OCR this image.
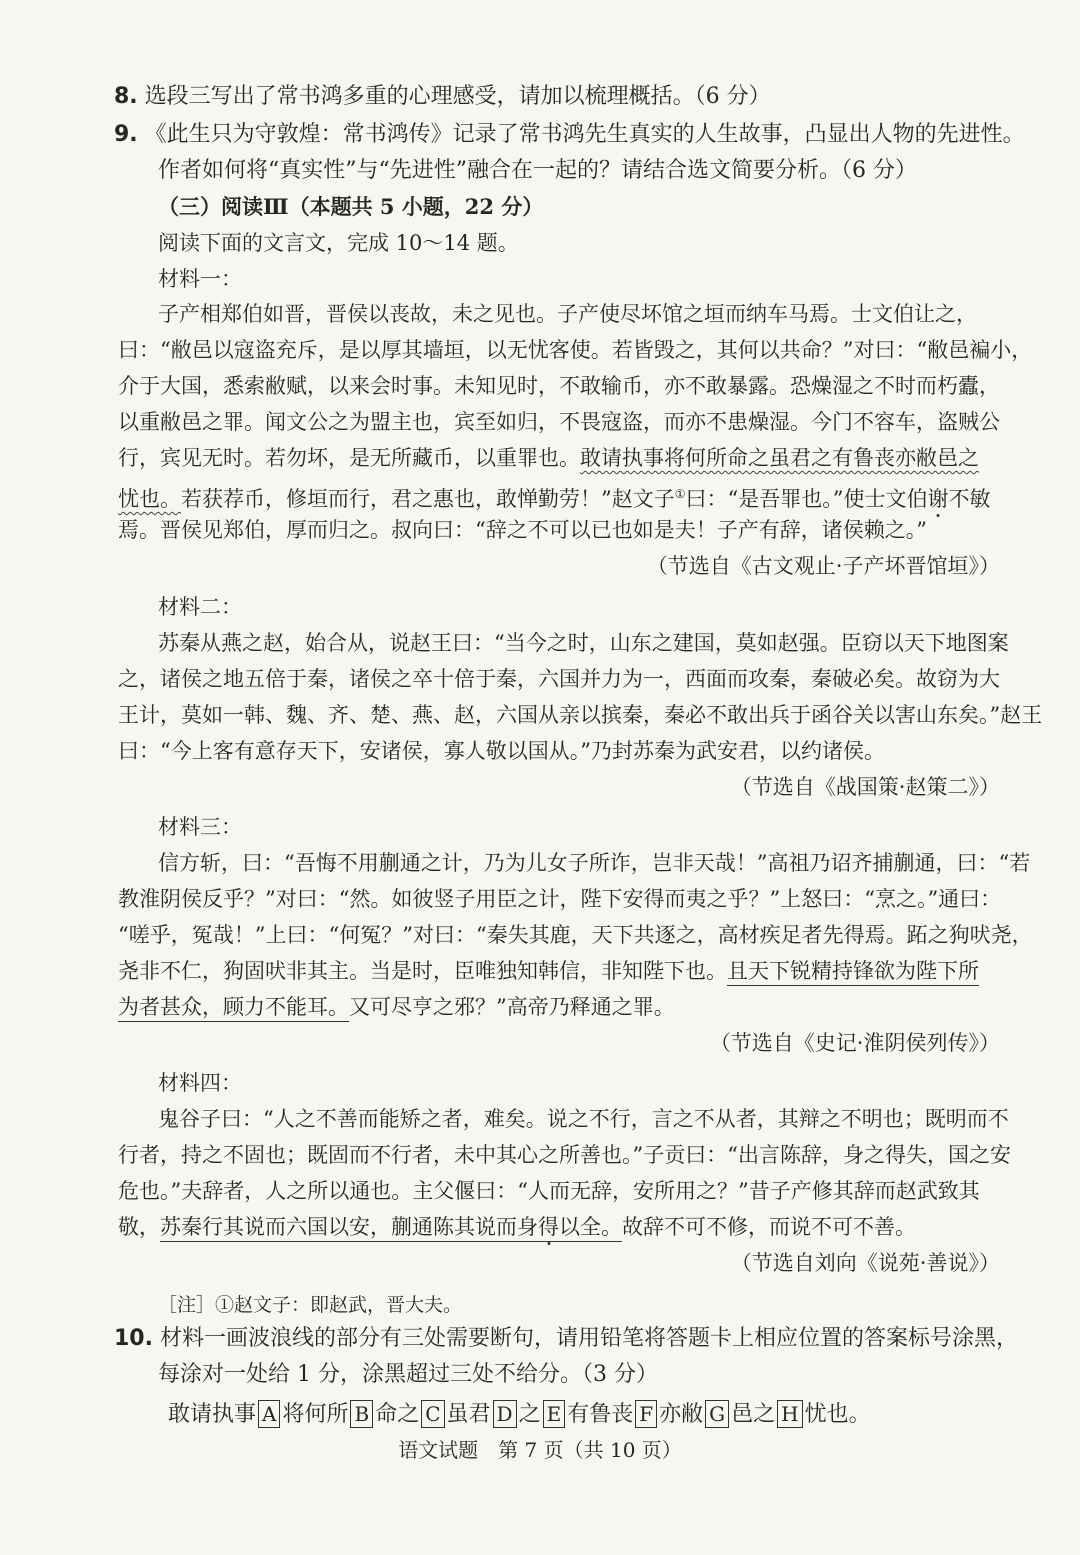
8. 选段三写出了常书鸿多重的心理感受，请加以梳理概括。（6 分）
9. 《此生只为守敦煌：常书鸿传》记录了常书鸿先生真实的人生故事，凸显出人物的先进性。
作者如何将“真实性”与“先进性”融合在一起的？请结合选文简要分析。（6 分）
（三）阅读Ⅲ（本题共 5 小题，22 分）
阅读下面的文言文，完成 10～14 题。
材料一：
子产相郑伯如晋，晋侯以丧故，未之见也。子产使尽坏馆之垣而纳车马焉。士文伯让之，
曰：“敝邑以寇盗充斥，是以厚其墙垣，以无忧客使。若皆毁之，其何以共命？”对曰：“敝邑褊小，
介于大国，悉索敝赋，以来会时事。未知见时，不敢输币，亦不敢暴露。恐燥湿之不时而朽蠹，
以重敝邑之罪。闻文公之为盟主也，宾至如归，不畏寇盗，而亦不患燥湿。今门不容车，盗贼公
行，宾见无时。若勿坏，是无所藏币，以重罪也。敢请执事将何所命之虽君之有鲁丧亦敝邑之
忧也。若获荐币，修垣而行，君之惠也，敢惮勤劳！”赵文子①曰：“是吾罪也。”使士文伯谢不敏
焉。晋侯见郑伯，厚而归之。叔向曰：“辞之不可以已也如是夫！子产有辞，诸侯赖之。”
（节选自《古文观止·子产坏晋馆垣》）
材料二：
苏秦从燕之赵，始合从，说赵王曰：“当今之时，山东之建国，莫如赵强。臣窃以天下地图案
之，诸侯之地五倍于秦，诸侯之卒十倍于秦，六国并力为一，西面而攻秦，秦破必矣。故窃为大
王计，莫如一韩、魏、齐、楚、燕、赵，六国从亲以摈秦，秦必不敢出兵于函谷关以害山东矣。”赵王
曰：“今上客有意存天下，安诸侯，寡人敬以国从。”乃封苏秦为武安君，以约诸侯。
（节选自《战国策·赵策二》）
材料三：
信方斩，曰：“吾悔不用蒯通之计，乃为儿女子所诈，岂非天哉！”高祖乃诏齐捕蒯通，曰：“若
教淮阴侯反乎？”对曰：“然。如彼竖子用臣之计，陛下安得而夷之乎？”上怒曰：“烹之。”通曰：
“嗟乎，冤哉！”上曰：“何冤？”对曰：“秦失其鹿，天下共逐之，高材疾足者先得焉。跖之狗吠尧，
尧非不仁，狗固吠非其主。当是时，臣唯独知韩信，非知陛下也。且天下锐精持锋欲为陛下所
为者甚众，顾力不能耳。又可尽亨之邪？”高帝乃释通之罪。
（节选自《史记·淮阴侯列传》）
材料四：
鬼谷子曰：“人之不善而能矫之者，难矣。说之不行，言之不从者，其辩之不明也；既明而不
行者，持之不固也；既固而不行者，未中其心之所善也。”子贡曰：“出言陈辞，身之得失，国之安
危也。”夫辞者，人之所以通也。主父偃曰：“人而无辞，安所用之？”昔子产修其辞而赵武致其
敬，苏秦行其说而六国以安，蒯通陈其说而身得以全。故辞不可不修，而说不可不善。
（节选自刘向《说苑·善说》）
［注］①赵文子：即赵武，晋大夫。
10. 材料一画波浪线的部分有三处需要断句，请用铅笔将答题卡上相应位置的答案标号涂黑，
每涂对一处给 1 分，涂黑超过三处不给分。（3 分）
敢请执事 A 将何所 B 命之 C 虽君 D 之 E 有鲁丧 F 亦敝 G 邑之 H 忧也。
语文试题　第 7 页（共 10 页）
